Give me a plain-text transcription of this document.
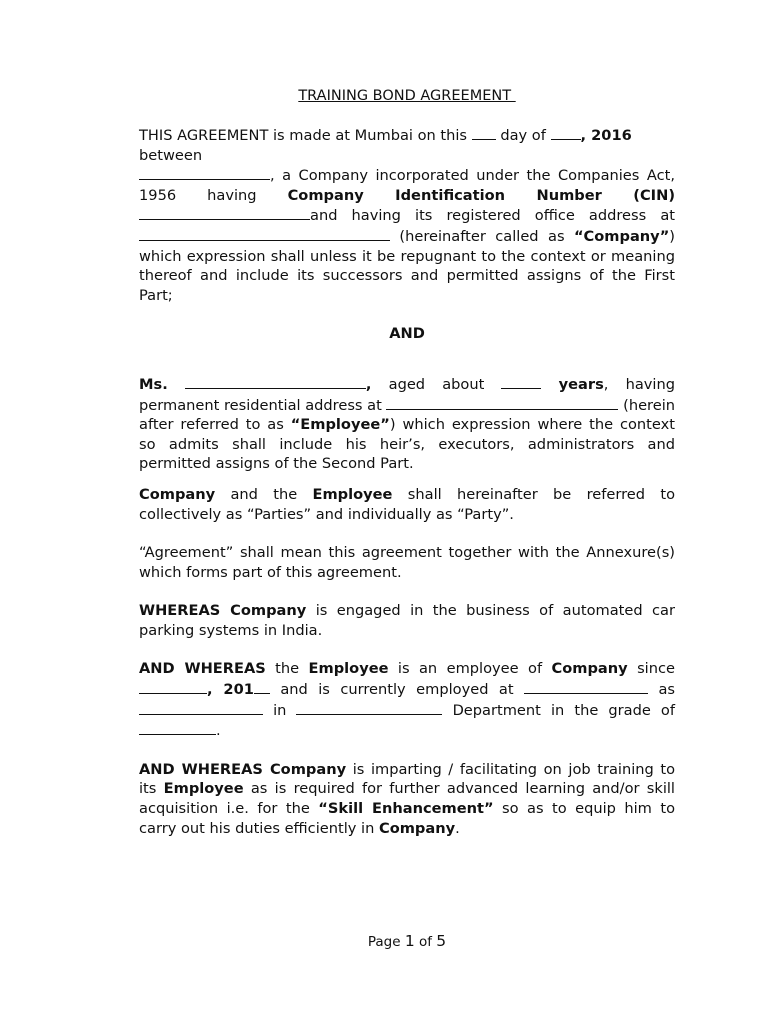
TRAINING BOND AGREEMENT

THIS AGREEMENT is made at Mumbai on this  day of , 2016
between

, a Company incorporated under the Companies Act, 1956 having Company Identification Number (CIN) and having its registered office address at  (hereinafter called as “Company”) which expression shall unless it be repugnant to the context or meaning thereof and include its successors and permitted assigns of the First Part;

AND

Ms.	, aged about	years, having permanent residential address at	(herein after referred to as “Employee”) which expression where the context so admits shall include his heir’s, executors, administrators and permitted assigns of the Second Part.

Company and the Employee shall hereinafter be referred to collectively as “Parties” and individually as “Party”.

“Agreement” shall mean this agreement together with the Annexure(s) which forms part of this agreement.

WHEREAS Company is engaged in the business of automated car parking systems in India.

AND WHEREAS the Employee is an employee of Company since , 201 and is currently employed at	as  in	Department in the grade of .

AND WHEREAS Company is imparting / facilitating on job training to its Employee as is required for further advanced learning and/or skill acquisition i.e. for the “Skill Enhancement” so as to equip him to carry out his duties efficiently in Company.

Page 1 of 5
